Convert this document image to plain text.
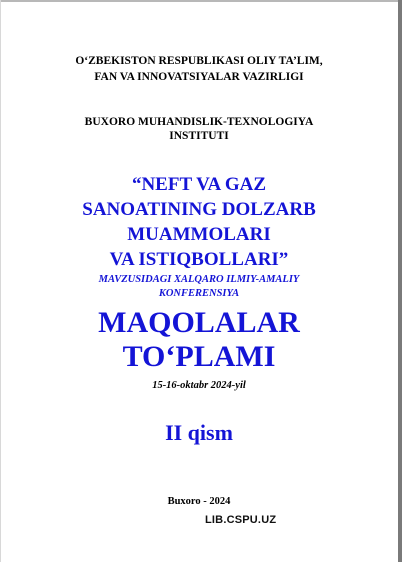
O‘ZBEKISTON RESPUBLIKASI OLIY TA’LIM,

FAN VA INNOVATSIYALAR VAZIRLIGI

BUXORO MUHANDISLIK-TEXNOLOGIYA

INSTITUTI

“NEFT VA GAZ

SANOATINING DOLZARB

MUAMMOLARI

VA ISTIQBOLLARI”

MAVZUSIDAGI XALQARO ILMIY-AMALIY

KONFERENSIYA

MAQOLALAR

TO‘PLAMI

15-16-oktabr 2024-yil

II qism

Buxoro - 2024

LIB.CSPU.UZ
